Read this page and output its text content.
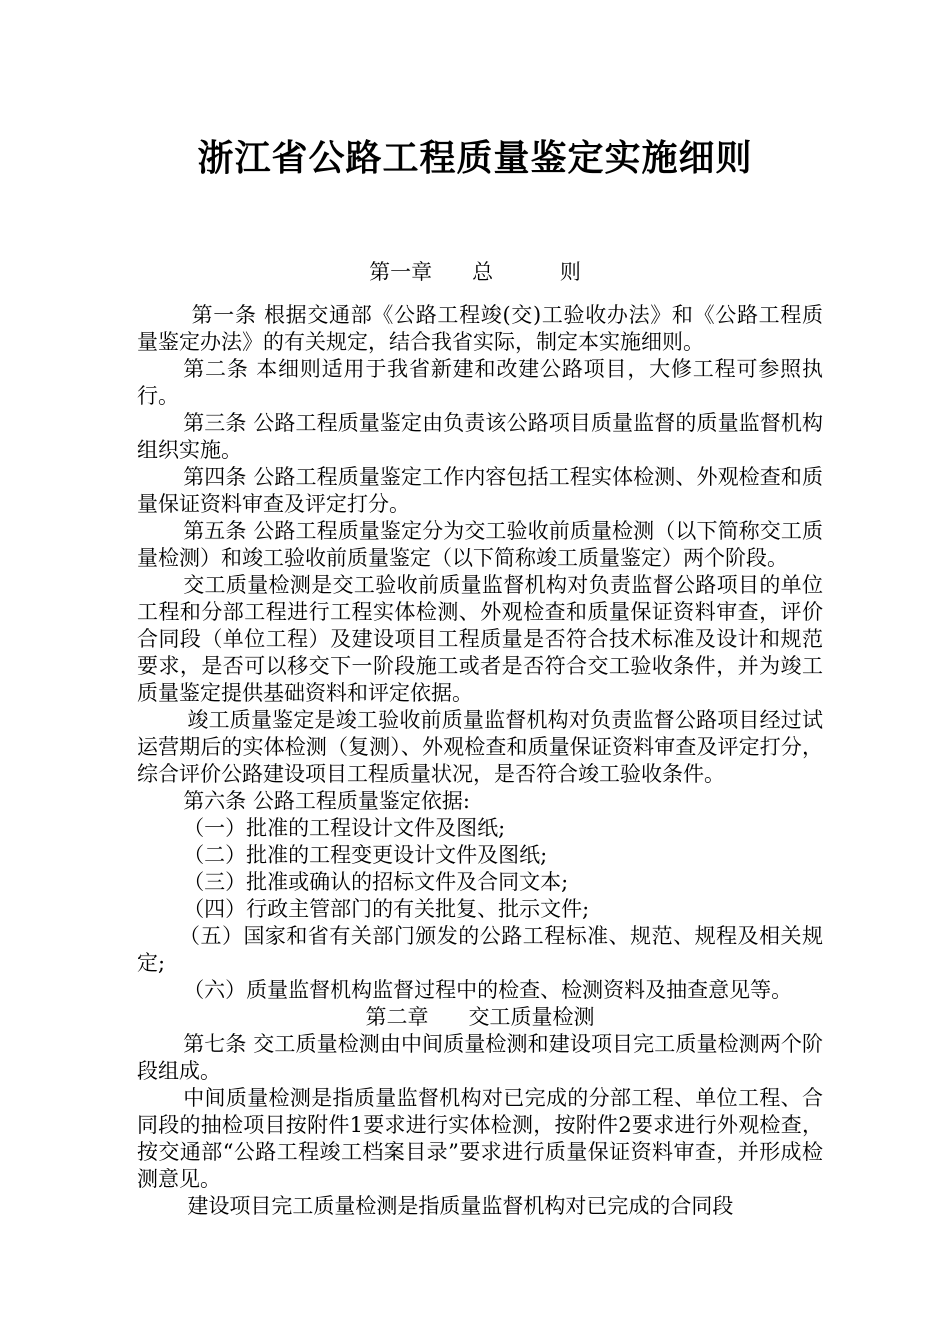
浙江省公路工程质量鉴定实施细则
第一章      总          则

第一条 根据交通部《公路工程竣(交)工验收办法》和《公路工程质量鉴定办法》的有关规定，结合我省实际，制定本实施细则。

第二条 本细则适用于我省新建和改建公路项目，大修工程可参照执行。

第三条 公路工程质量鉴定由负责该公路项目质量监督的质量监督机构组织实施。

第四条 公路工程质量鉴定工作内容包括工程实体检测、外观检查和质量保证资料审查及评定打分。

第五条 公路工程质量鉴定分为交工验收前质量检测（以下简称交工质量检测）和竣工验收前质量鉴定（以下简称竣工质量鉴定）两个阶段。

交工质量检测是交工验收前质量监督机构对负责监督公路项目的单位工程和分部工程进行工程实体检测、外观检查和质量保证资料审查，评价合同段（单位工程）及建设项目工程质量是否符合技术标准及设计和规范要求，是否可以移交下一阶段施工或者是否符合交工验收条件，并为竣工质量鉴定提供基础资料和评定依据。

竣工质量鉴定是竣工验收前质量监督机构对负责监督公路项目经过试运营期后的实体检测（复测）、外观检查和质量保证资料审查及评定打分，综合评价公路建设项目工程质量状况，是否符合竣工验收条件。

第六条 公路工程质量鉴定依据:

（一）批准的工程设计文件及图纸;

（二）批准的工程变更设计文件及图纸;

（三）批准或确认的招标文件及合同文本;

（四）行政主管部门的有关批复、批示文件;

（五）国家和省有关部门颁发的公路工程标准、规范、规程及相关规定;

（六）质量监督机构监督过程中的检查、检测资料及抽查意见等。

第二章      交工质量检测

第七条 交工质量检测由中间质量检测和建设项目完工质量检测两个阶段组成。

中间质量检测是指质量监督机构对已完成的分部工程、单位工程、合同段的抽检项目按附件1要求进行实体检测，按附件2要求进行外观检查，按交通部“公路工程竣工档案目录”要求进行质量保证资料审查，并形成检测意见。

建设项目完工质量检测是指质量监督机构对已完成的合同段
